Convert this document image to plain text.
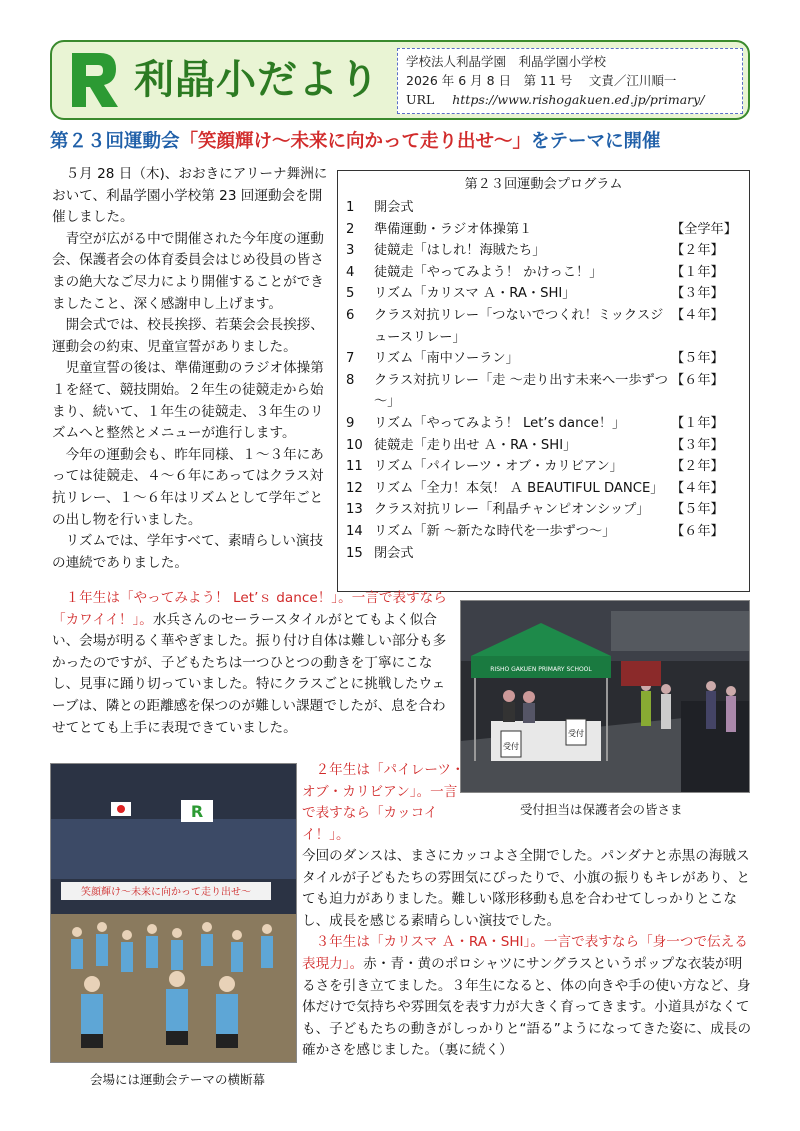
利晶小だより 学校法人利晶学園　利晶学園小学校
2026 年 6 月 8 日　第 11 号　 文責／江川順一
URL https://www.rishogakuen.ed.jp/primary/
第２３回運動会「笑顔輝け～未来に向かって走り出せ～」をテーマに開催

５月 28 日（木)、おおきにアリーナ舞洲において、利晶学園小学校第 23 回運動会を開催しました。

青空が広がる中で開催された今年度の運動会、保護者会の体育委員会はじめ役員の皆さまの絶大なご尽力により開催することができましたこと、深く感謝申し上げます。

開会式では、校長挨拶、若葉会会長挨拶、運動会の約束、児童宣誓がありました。

児童宣誓の後は、準備運動のラジオ体操第１を経て、競技開始。２年生の徒競走から始まり、続いて、１年生の徒競走、３年生のリズムへと整然とメニューが進行します。

今年の運動会も、昨年同様、１～３年にあっては徒競走、４～６年にあってはクラス対抗リレー、１～６年はリズムとして学年ごとの出し物を行いました。

リズムでは、学年すべて、素晴らしい演技の連続でありました。

第２３回運動会プログラム
1	開会式
2	準備運動・ラジオ体操第１	【全学年】
3	徒競走「はしれ！海賊たち」	【２年】
4	徒競走「やってみよう！ かけっこ！」	【１年】
5	リズム「カリスマ Ａ・RA・SHI」	【３年】
6	クラス対抗リレー「つないでつくれ！ミックスジュースリレー」
【４年】
7	リズム「南中ソーラン」	【５年】
8	クラス対抗リレー「走 ～走り出す未来へ一歩ずつ～」
【６年】
9	リズム「やってみよう！ Let’s dance！」	【１年】
10 徒競走「走り出せ Ａ・RA・SHI」	【３年】
11 リズム「パイレーツ・オブ・カリビアン」	【２年】
12 リズム「全力！本気！ Ａ BEAUTIFUL DANCE」 【４年】
13 クラス対抗リレー「利晶チャンピオンシップ」	【５年】
14 リズム「新 ～新たな時代を一歩ずつ～」	【６年】
15 閉会式

１年生は「やってみよう！ Let’ｓ dance！」。一言で表すなら「カワイイ！」。水兵さんのセーラースタイルがとてもよく似合い、会場が明るく華やぎました。振り付け自体は難しい部分も多かったのですが、子どもたちは一つひとつの動きを丁寧にこなし、見事に踊り切っていました。特にクラスごとに挑戦したウェーブは、隣との距離感を保つのが難しい課題でしたが、息を合わせてとても上手に表現できていました。

RISHO GAKUEN PRIMARY SCHOOL
受付
受付
受付担当は保護者会の皆さま
R
笑顔輝け～未来に向かって走り出せ～
会場には運動会テーマの横断幕

２年生は「パイレーツ・オブ・カリビアン」。一言で表すなら「カッコイイ！」。

今回のダンスは、まさにカッコよさ全開でした。パンダナと赤黒の海賊スタイルが子どもたちの雰囲気にぴったりで、小旗の振りもキレがあり、とても迫力がありました。難しい隊形移動も息を合わせてしっかりとこなし、成長を感じる素晴らしい演技でした。

３年生は「カリスマ Ａ・RA・SHI」。一言で表すなら「身一つで伝える表現力」。赤・青・黄のポロシャツにサングラスというポップな衣装が明るさを引き立てました。３年生になると、体の向きや手の使い方など、身体だけで気持ちや雰囲気を表す力が大きく育ってきます。小道具がなくても、子どもたちの動きがしっかりと“語る”ようになってきた姿に、成長の確かさを感じました。（裏に続く）
